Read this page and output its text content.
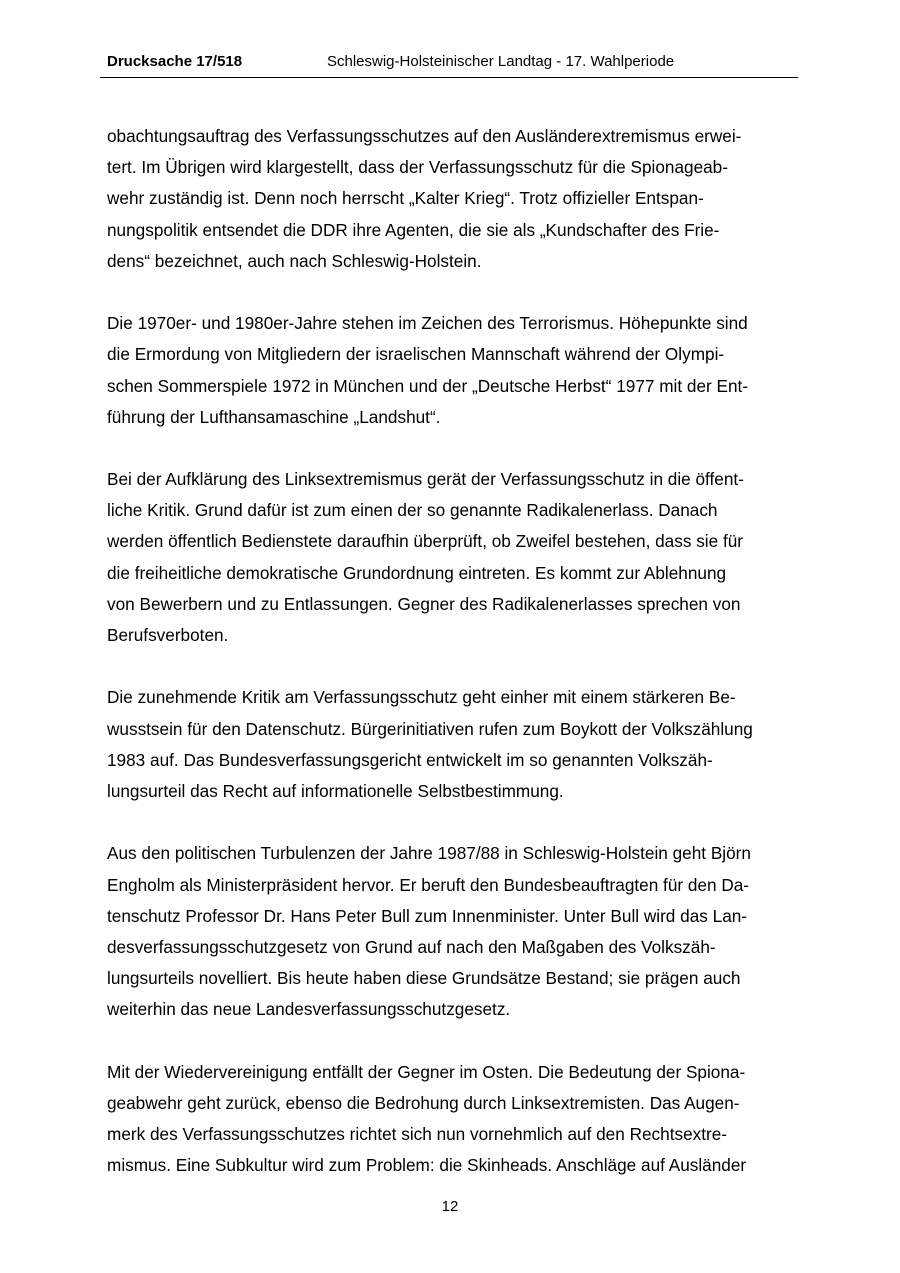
Drucksache 17/518	Schleswig-Holsteinischer Landtag - 17. Wahlperiode
obachtungsauftrag des Verfassungsschutzes auf den Ausländerextremismus erwei-
tert. Im Übrigen wird klargestellt, dass der Verfassungsschutz für die Spionageab-
wehr zuständig ist. Denn noch herrscht „Kalter Krieg“. Trotz offizieller Entspan-
nungspolitik entsendet die DDR ihre Agenten, die sie als „Kundschafter des Frie-
dens“ bezeichnet, auch nach Schleswig-Holstein.
Die 1970er- und 1980er-Jahre stehen im Zeichen des Terrorismus. Höhepunkte sind
die Ermordung von Mitgliedern der israelischen Mannschaft während der Olympi-
schen Sommerspiele 1972 in München und der „Deutsche Herbst“ 1977 mit der Ent-
führung der Lufthansamaschine „Landshut“.
Bei der Aufklärung des Linksextremismus gerät der Verfassungsschutz in die öffent-
liche Kritik. Grund dafür ist zum einen der so genannte Radikalenerlass. Danach
werden öffentlich Bedienstete daraufhin überprüft, ob Zweifel bestehen, dass sie für
die freiheitliche demokratische Grundordnung eintreten. Es kommt zur Ablehnung
von Bewerbern und zu Entlassungen. Gegner des Radikalenerlasses sprechen von
Berufsverboten.
Die zunehmende Kritik am Verfassungsschutz geht einher mit einem stärkeren Be-
wusstsein für den Datenschutz. Bürgerinitiativen rufen zum Boykott der Volkszählung
1983 auf. Das Bundesverfassungsgericht entwickelt im so genannten Volkszäh-
lungsurteil das Recht auf informationelle Selbstbestimmung.
Aus den politischen Turbulenzen der Jahre 1987/88 in Schleswig-Holstein geht Björn
Engholm als Ministerpräsident hervor. Er beruft den Bundesbeauftragten für den Da-
tenschutz Professor Dr. Hans Peter Bull zum Innenminister. Unter Bull wird das Lan-
desverfassungsschutzgesetz von Grund auf nach den Maßgaben des Volkszäh-
lungsurteils novelliert. Bis heute haben diese Grundsätze Bestand; sie prägen auch
weiterhin das neue Landesverfassungsschutzgesetz.
Mit der Wiedervereinigung entfällt der Gegner im Osten. Die Bedeutung der Spiona-
geabwehr geht zurück, ebenso die Bedrohung durch Linksextremisten. Das Augen-
merk des Verfassungsschutzes richtet sich nun vornehmlich auf den Rechtsextre-
mismus. Eine Subkultur wird zum Problem: die Skinheads. Anschläge auf Ausländer
12
